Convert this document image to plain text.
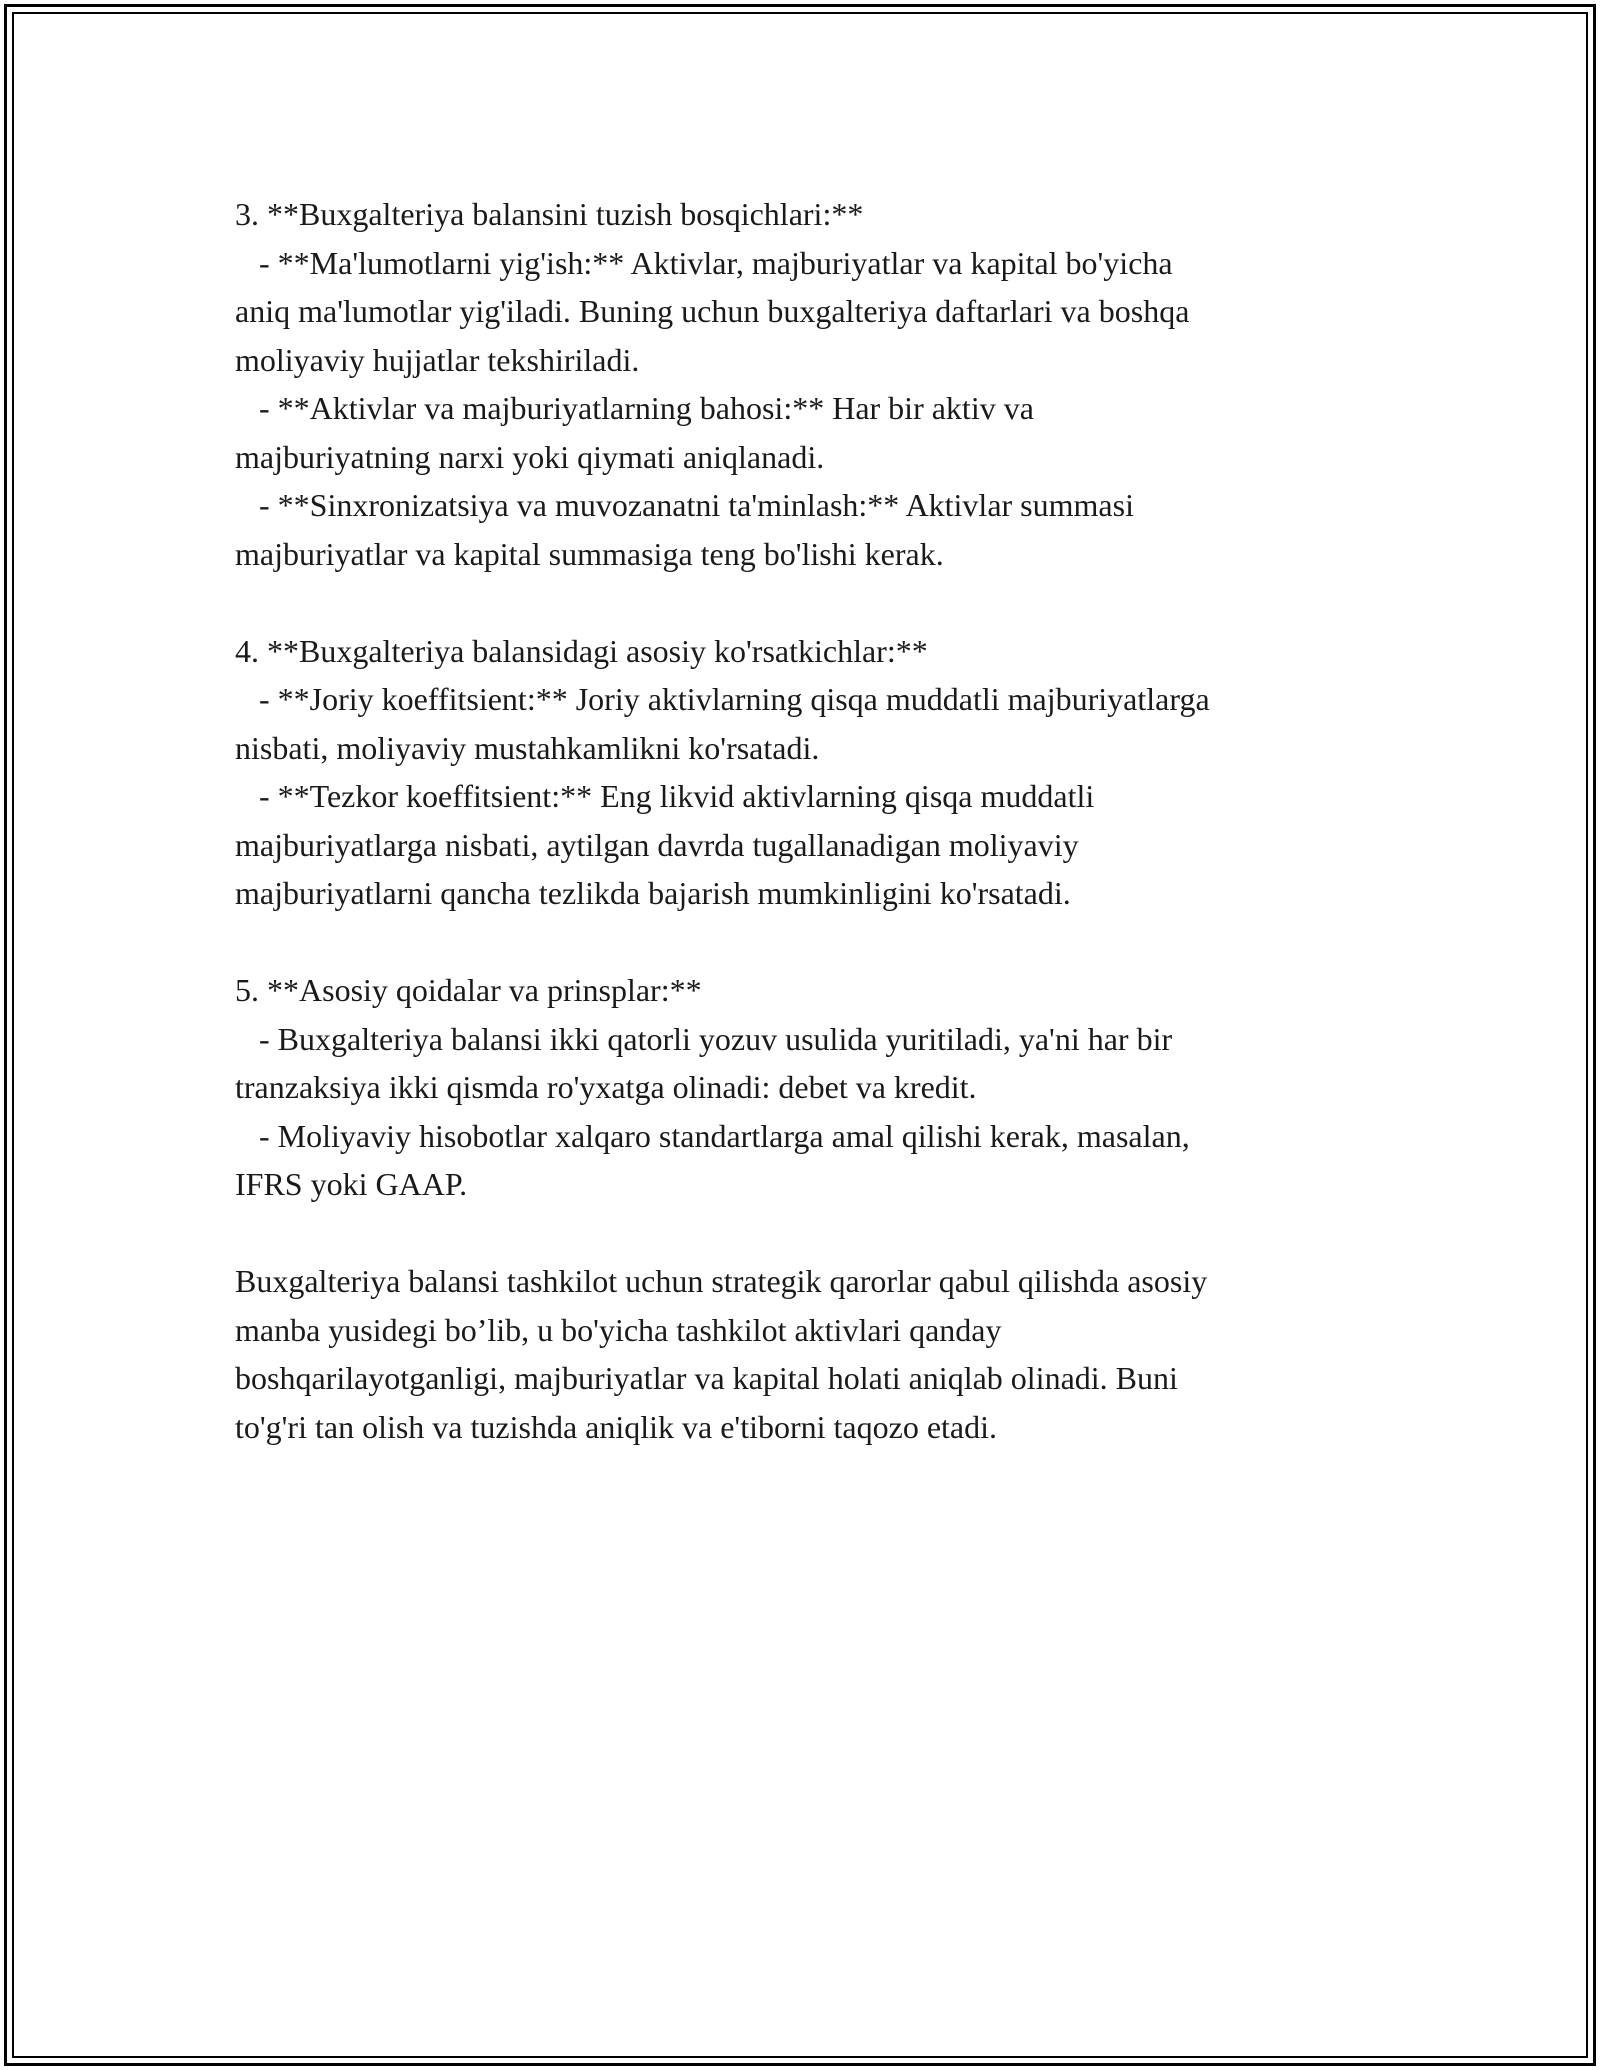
3. **Buxgalteriya balansini tuzish bosqichlari:**
- **Ma'lumotlarni yig'ish:** Aktivlar, majburiyatlar va kapital bo'yicha
aniq ma'lumotlar yig'iladi. Buning uchun buxgalteriya daftarlari va boshqa
moliyaviy hujjatlar tekshiriladi.
- **Aktivlar va majburiyatlarning bahosi:** Har bir aktiv va
majburiyatning narxi yoki qiymati aniqlanadi.
- **Sinxronizatsiya va muvozanatni ta'minlash:** Aktivlar summasi
majburiyatlar va kapital summasiga teng bo'lishi kerak.
4. **Buxgalteriya balansidagi asosiy ko'rsatkichlar:**
- **Joriy koeffitsient:** Joriy aktivlarning qisqa muddatli majburiyatlarga
nisbati, moliyaviy mustahkamlikni ko'rsatadi.
- **Tezkor koeffitsient:** Eng likvid aktivlarning qisqa muddatli
majburiyatlarga nisbati, aytilgan davrda tugallanadigan moliyaviy
majburiyatlarni qancha tezlikda bajarish mumkinligini ko'rsatadi.
5. **Asosiy qoidalar va prinsplar:**
- Buxgalteriya balansi ikki qatorli yozuv usulida yuritiladi, ya'ni har bir
tranzaksiya ikki qismda ro'yxatga olinadi: debet va kredit.
- Moliyaviy hisobotlar xalqaro standartlarga amal qilishi kerak, masalan,
IFRS yoki GAAP.
Buxgalteriya balansi tashkilot uchun strategik qarorlar qabul qilishda asosiy
manba yusidegi bo’lib, u bo'yicha tashkilot aktivlari qanday
boshqarilayotganligi, majburiyatlar va kapital holati aniqlab olinadi. Buni
to'g'ri tan olish va tuzishda aniqlik va e'tiborni taqozo etadi.
